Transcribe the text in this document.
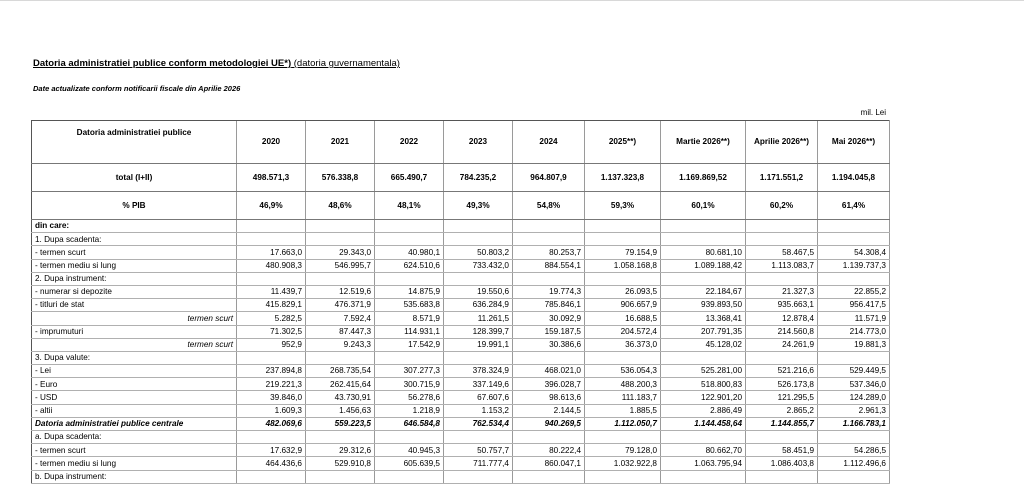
Datoria administratiei publice conform metodologiei UE*) (datoria guvernamentala)
Date actualizate conform notificarii fiscale din Aprilie 2026
mil. Lei
Datoria administratiei publice	2020	2021	2022	2023	2024	2025**)	Martie 2026**)	Aprilie 2026**)	Mai 2026**)
total (I+II)	498.571,3	576.338,8	665.490,7	784.235,2	964.807,9	1.137.323,8	1.169.869,52	1.171.551,2	1.194.045,8
% PIB	46,9%	48,6%	48,1%	49,3%	54,8%	59,3%	60,1%	60,2%	61,4%
din care:									
1. Dupa scadenta:									
- termen scurt	17.663,0	29.343,0	40.980,1	50.803,2	80.253,7	79.154,9	80.681,10	58.467,5	54.308,4
- termen mediu si lung	480.908,3	546.995,7	624.510,6	733.432,0	884.554,1	1.058.168,8	1.089.188,42	1.113.083,7	1.139.737,3
2. Dupa instrument:									
- numerar si depozite	11.439,7	12.519,6	14.875,9	19.550,6	19.774,3	26.093,5	22.184,67	21.327,3	22.855,2
- titluri de stat	415.829,1	476.371,9	535.683,8	636.284,9	785.846,1	906.657,9	939.893,50	935.663,1	956.417,5
termen scurt	5.282,5	7.592,4	8.571,9	11.261,5	30.092,9	16.688,5	13.368,41	12.878,4	11.571,9
- imprumuturi	71.302,5	87.447,3	114.931,1	128.399,7	159.187,5	204.572,4	207.791,35	214.560,8	214.773,0
termen scurt	952,9	9.243,3	17.542,9	19.991,1	30.386,6	36.373,0	45.128,02	24.261,9	19.881,3
3. Dupa valute:									
- Lei	237.894,8	268.735,54	307.277,3	378.324,9	468.021,0	536.054,3	525.281,00	521.216,6	529.449,5
- Euro	219.221,3	262.415,64	300.715,9	337.149,6	396.028,7	488.200,3	518.800,83	526.173,8	537.346,0
- USD	39.846,0	43.730,91	56.278,6	67.607,6	98.613,6	111.183,7	122.901,20	121.295,5	124.289,0
- altii	1.609,3	1.456,63	1.218,9	1.153,2	2.144,5	1.885,5	2.886,49	2.865,2	2.961,3
Datoria administratiei publice centrale	482.069,6	559.223,5	646.584,8	762.534,4	940.269,5	1.112.050,7	1.144.458,64	1.144.855,7	1.166.783,1
a. Dupa scadenta:									
- termen scurt	17.632,9	29.312,6	40.945,3	50.757,7	80.222,4	79.128,0	80.662,70	58.451,9	54.286,5
- termen mediu si lung	464.436,6	529.910,8	605.639,5	711.777,4	860.047,1	1.032.922,8	1.063.795,94	1.086.403,8	1.112.496,6
b. Dupa instrument:									
